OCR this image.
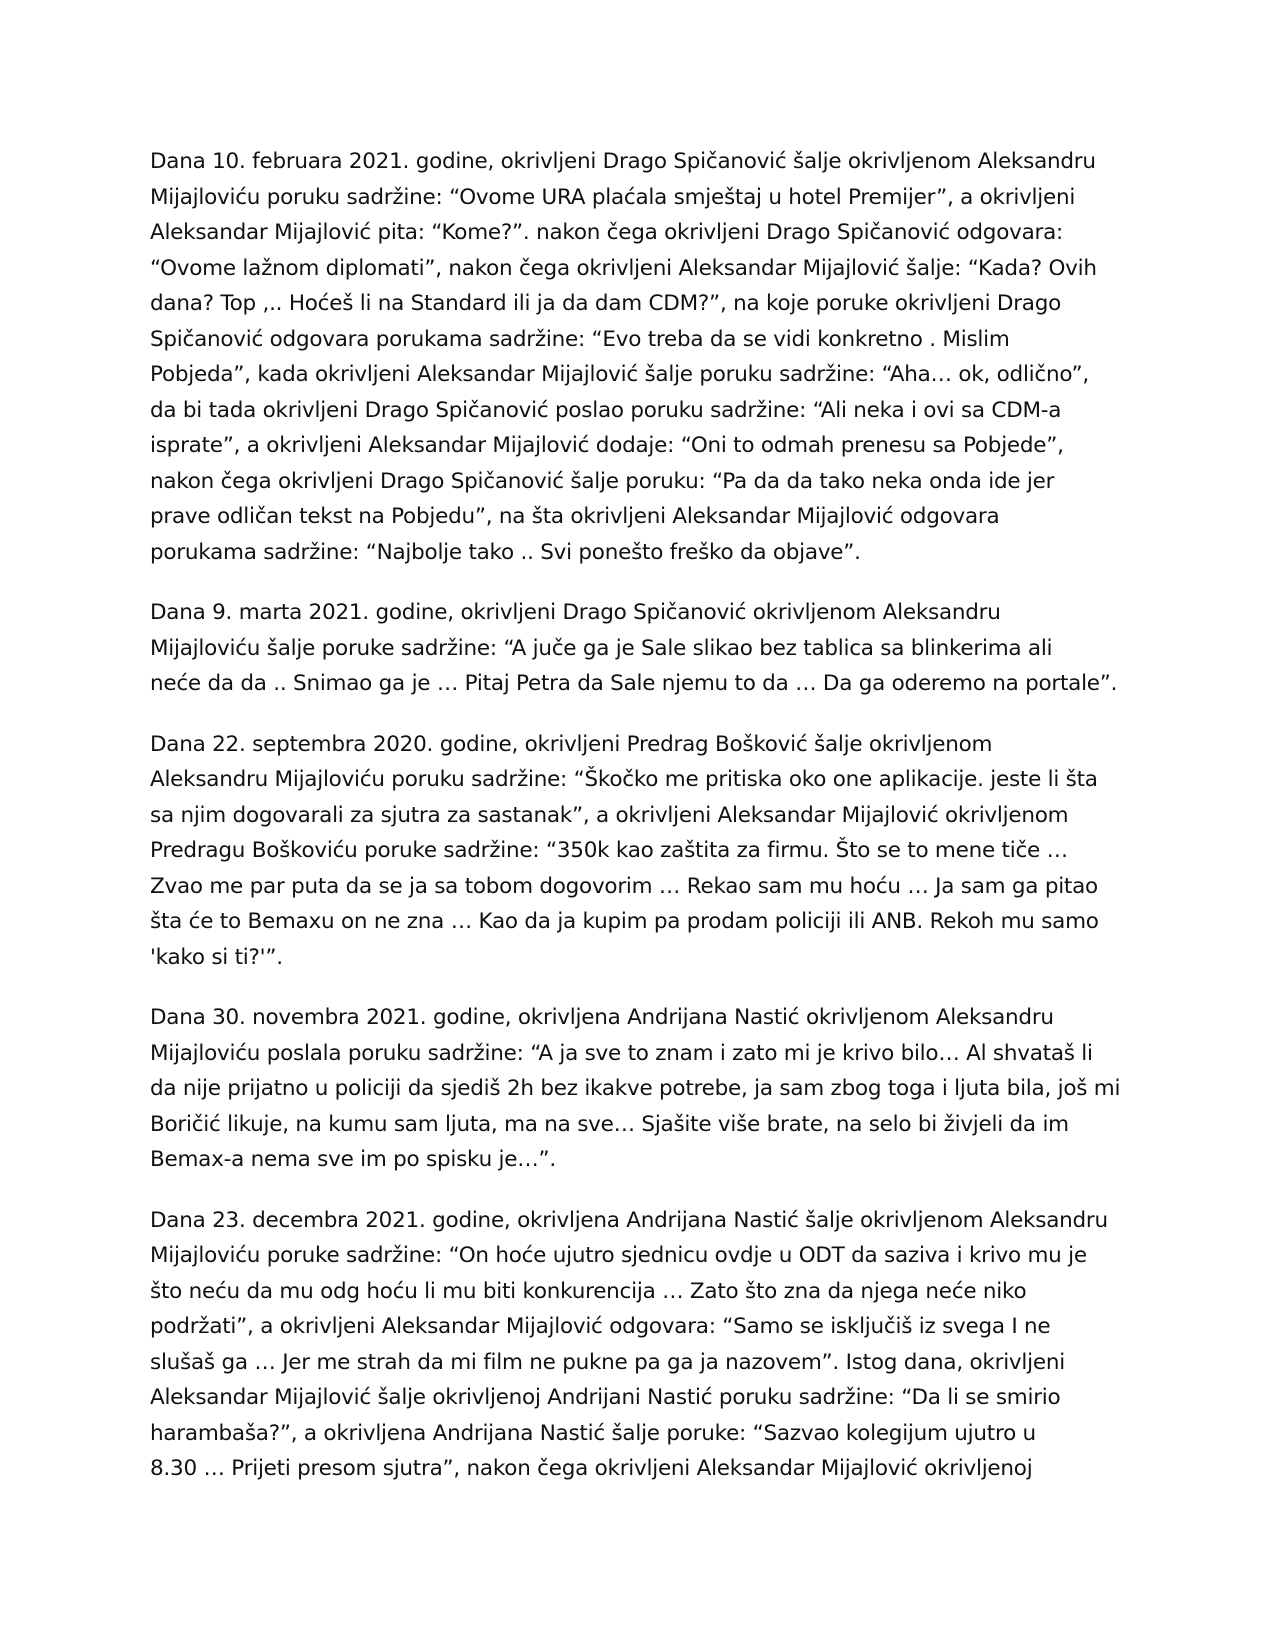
Dana 10. februara 2021. godine, okrivljeni Drago Spičanović šalje okrivljenom Aleksandru
Mijajloviću poruku sadržine: “Ovome URA plaćala smještaj u hotel Premijer”, a okrivljeni
Aleksandar Mijajlović pita: “Kome?”. nakon čega okrivljeni Drago Spičanović odgovara:
“Ovome lažnom diplomati”, nakon čega okrivljeni Aleksandar Mijajlović šalje: “Kada? Ovih
dana? Top ,.. Hoćeš li na Standard ili ja da dam CDM?”, na koje poruke okrivljeni Drago
Spičanović odgovara porukama sadržine: “Evo treba da se vidi konkretno . Mislim
Pobjeda”, kada okrivljeni Aleksandar Mijajlović šalje poruku sadržine: “Aha… ok, odlično”,
da bi tada okrivljeni Drago Spičanović poslao poruku sadržine: “Ali neka i ovi sa CDM-a
isprate”, a okrivljeni Aleksandar Mijajlović dodaje: “Oni to odmah prenesu sa Pobjede”,
nakon čega okrivljeni Drago Spičanović šalje poruku: “Pa da da tako neka onda ide jer
prave odličan tekst na Pobjedu”, na šta okrivljeni Aleksandar Mijajlović odgovara
porukama sadržine: “Najbolje tako .. Svi ponešto freško da objave”.

Dana 9. marta 2021. godine, okrivljeni Drago Spičanović okrivljenom Aleksandru
Mijajloviću šalje poruke sadržine: “A juče ga je Sale slikao bez tablica sa blinkerima ali
neće da da .. Snimao ga je … Pitaj Petra da Sale njemu to da … Da ga oderemo na portale”.

Dana 22. septembra 2020. godine, okrivljeni Predrag Bošković šalje okrivljenom
Aleksandru Mijajloviću poruku sadržine: “Škočko me pritiska oko one aplikacije. jeste li šta
sa njim dogovarali za sjutra za sastanak”, a okrivljeni Aleksandar Mijajlović okrivljenom
Predragu Boškoviću poruke sadržine: “350k kao zaštita za firmu. Što se to mene tiče …
Zvao me par puta da se ja sa tobom dogovorim … Rekao sam mu hoću … Ja sam ga pitao
šta će to Bemaxu on ne zna … Kao da ja kupim pa prodam policiji ili ANB. Rekoh mu samo
'kako si ti?'”.

Dana 30. novembra 2021. godine, okrivljena Andrijana Nastić okrivljenom Aleksandru
Mijajloviću poslala poruku sadržine: “A ja sve to znam i zato mi je krivo bilo… Al shvataš li
da nije prijatno u policiji da sjediš 2h bez ikakve potrebe, ja sam zbog toga i ljuta bila, još mi
Boričić likuje, na kumu sam ljuta, ma na sve… Sjašite više brate, na selo bi živjeli da im
Bemax-a nema sve im po spisku je…”.

Dana 23. decembra 2021. godine, okrivljena Andrijana Nastić šalje okrivljenom Aleksandru
Mijajloviću poruke sadržine: “On hoće ujutro sjednicu ovdje u ODT da saziva i krivo mu je
što neću da mu odg hoću li mu biti konkurencija … Zato što zna da njega neće niko
podržati”, a okrivljeni Aleksandar Mijajlović odgovara: “Samo se isključiš iz svega I ne
slušaš ga … Jer me strah da mi film ne pukne pa ga ja nazovem”. Istog dana, okrivljeni
Aleksandar Mijajlović šalje okrivljenoj Andrijani Nastić poruku sadržine: “Da li se smirio
harambaša?”, a okrivljena Andrijana Nastić šalje poruke: “Sazvao kolegijum ujutro u
8.30 … Prijeti presom sjutra”, nakon čega okrivljeni Aleksandar Mijajlović okrivljenoj
